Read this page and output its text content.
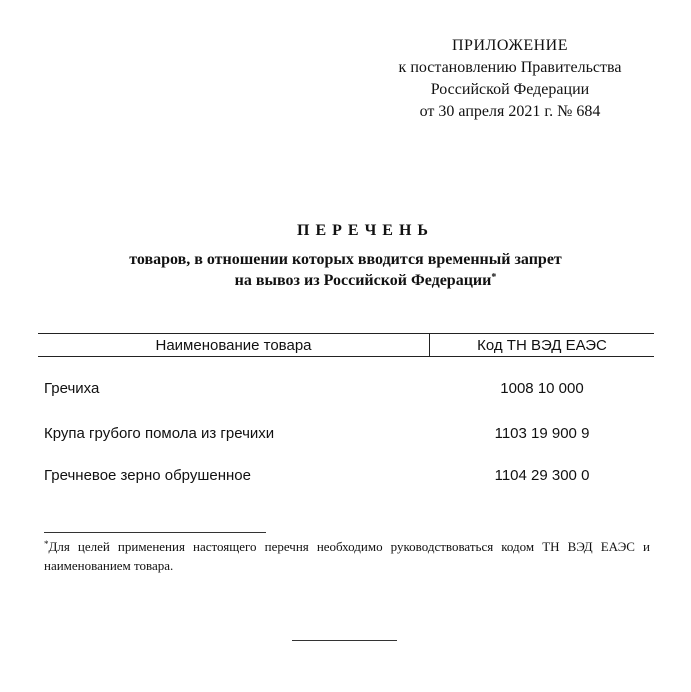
ПРИЛОЖЕНИЕ
к постановлению Правительства
Российской Федерации
от 30 апреля 2021 г. № 684
ПЕРЕЧЕНЬ
товаров, в отношении которых вводится временный запрет
на вывоз из Российской Федерации*
Наименование товара	Код ТН ВЭД ЕАЭС
Гречиха	1008 10 000
Крупа грубого помола из гречихи	1103 19 900 9
Гречневое зерно обрушенное	1104 29 300 0
*Для целей применения настоящего перечня необходимо руководствоваться кодом ТН ВЭД ЕАЭС и наименованием товара.
